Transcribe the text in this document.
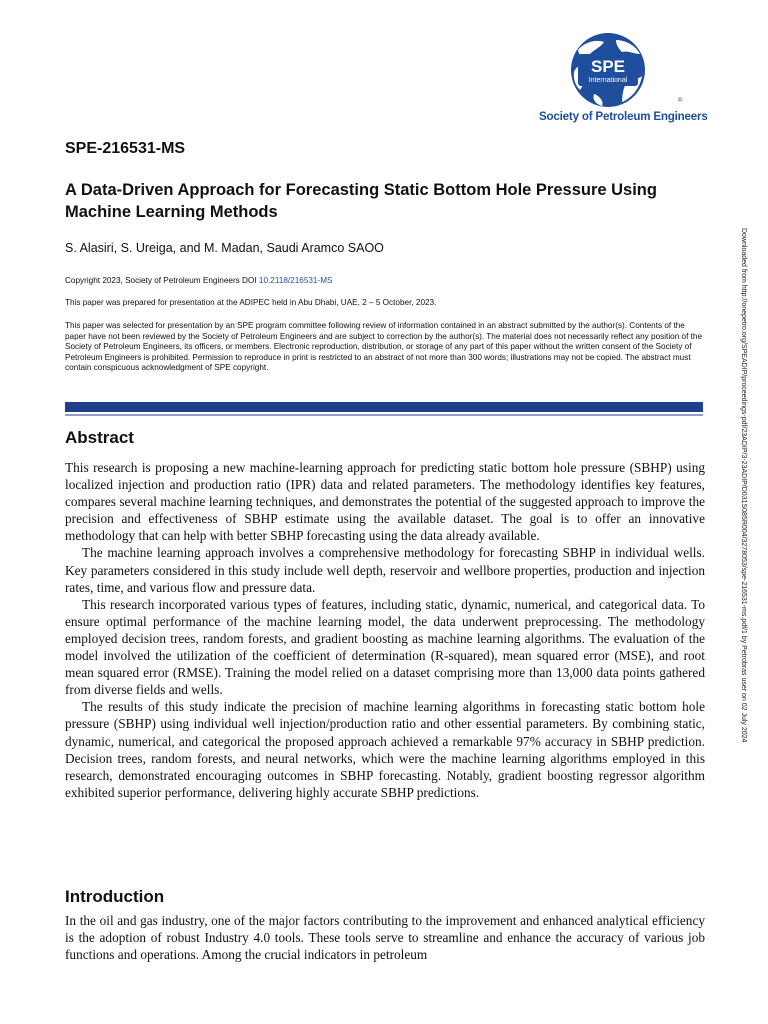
SPE
International
®
Society of Petroleum Engineers
SPE-216531-MS
A Data-Driven Approach for Forecasting Static Bottom Hole Pressure Using Machine Learning Methods
S. Alasiri, S. Ureiga, and M. Madan, Saudi Aramco SAOO
Copyright 2023, Society of Petroleum Engineers DOI 10.2118/216531-MS
This paper was prepared for presentation at the ADIPEC held in Abu Dhabi, UAE, 2 – 5 October, 2023.
This paper was selected for presentation by an SPE program committee following review of information contained in an abstract submitted by the author(s). Contents of the paper have not been reviewed by the Society of Petroleum Engineers and are subject to correction by the author(s). The material does not necessarily reflect any position of the Society of Petroleum Engineers, its officers, or members. Electronic reproduction, distribution, or storage of any part of this paper without the written consent of the Society of Petroleum Engineers is prohibited. Permission to reproduce in print is restricted to an abstract of not more than 300 words; illustrations may not be copied. The abstract must contain conspicuous acknowledgment of SPE copyright.
Abstract

This research is proposing a new machine-learning approach for predicting static bottom hole pressure (SBHP) using localized injection and production ratio (IPR) data and related parameters. The methodology identifies key features, compares several machine learning techniques, and demonstrates the potential of the suggested approach to improve the precision and effectiveness of SBHP estimate using the available dataset. The goal is to offer an innovative methodology that can help with better SBHP forecasting using the data already available.

The machine learning approach involves a comprehensive methodology for forecasting SBHP in individual wells. Key parameters considered in this study include well depth, reservoir and wellbore properties, production and injection rates, time, and various flow and pressure data.

This research incorporated various types of features, including static, dynamic, numerical, and categorical data. To ensure optimal performance of the machine learning model, the data underwent preprocessing. The methodology employed decision trees, random forests, and gradient boosting as machine learning algorithms. The evaluation of the model involved the utilization of the coefficient of determination (R-squared), mean squared error (MSE), and root mean squared error (RMSE). Training the model relied on a dataset comprising more than 13,000 data points gathered from diverse fields and wells.

The results of this study indicate the precision of machine learning algorithms in forecasting static bottom hole pressure (SBHP) using individual well injection/production ratio and other essential parameters. By combining static, dynamic, numerical, and categorical the proposed approach achieved a remarkable 97% accuracy in SBHP prediction. Decision trees, random forests, and neural networks, which were the machine learning algorithms employed in this research, demonstrated encouraging outcomes in SBHP forecasting. Notably, gradient boosting regressor algorithm exhibited superior performance, delivering highly accurate SBHP predictions.

Introduction

In the oil and gas industry, one of the major factors contributing to the improvement and enhanced analytical efficiency is the adoption of robust Industry 4.0 tools. These tools serve to streamline and enhance the accuracy of various job functions and operations. Among the crucial indicators in petroleum

Downloaded from http://onepetro.org/SPEADIP/proceedings-pdf/23ADIP/3-23ADIP/D031S085R004/3278053/spe-216531-ms.pdf/1 by Petrobras user on 02 July 2024
